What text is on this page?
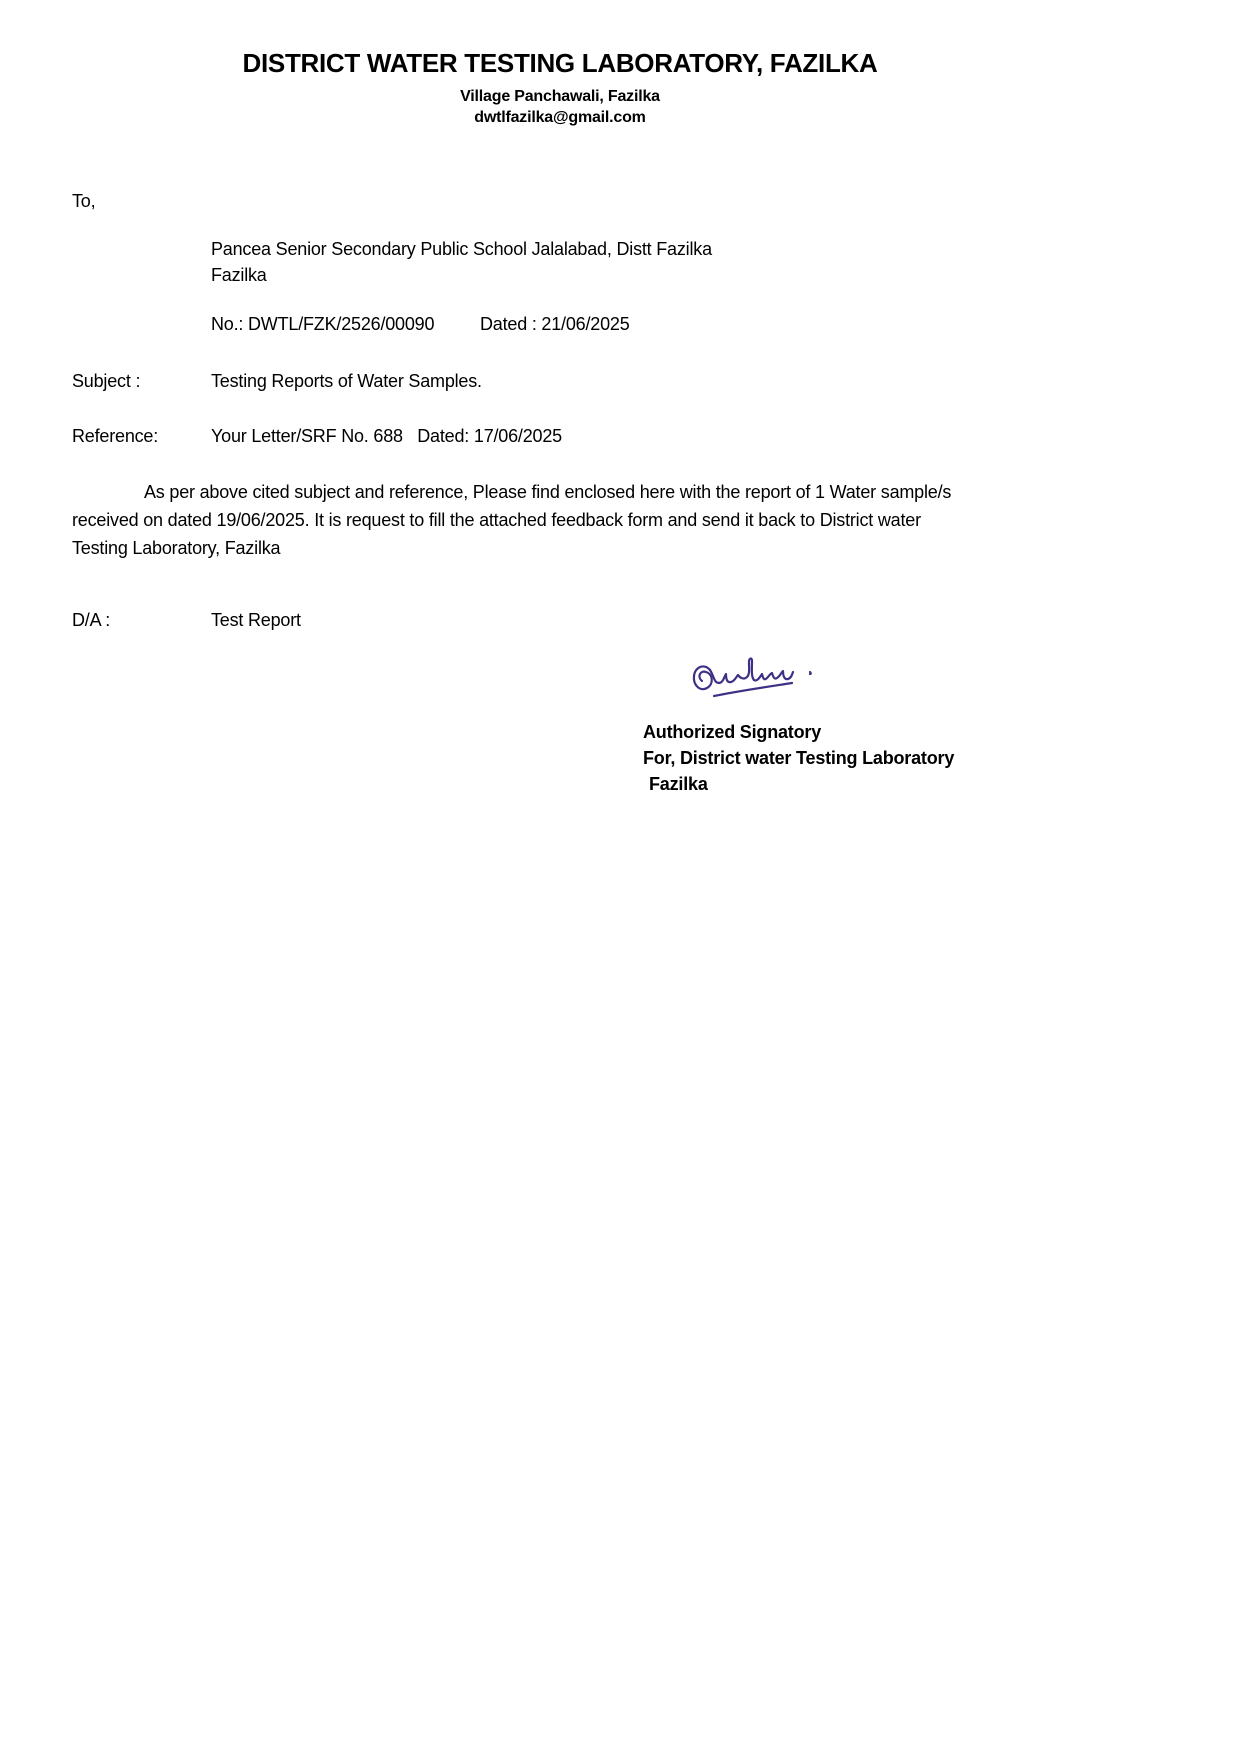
DISTRICT WATER TESTING LABORATORY, FAZILKA
Village Panchawali, Fazilka
dwtlfazilka@gmail.com
To,
Pancea Senior Secondary Public School Jalalabad, Distt Fazilka
Fazilka
No.: DWTL/FZK/2526/00090	Dated : 21/06/2025
Subject :	Testing Reports of Water Samples.
Reference:	Your Letter/SRF No. 688   Dated: 17/06/2025
As per above cited subject and reference, Please find enclosed here with the report of 1 Water sample/s
received on dated 19/06/2025. It is request to fill the attached feedback form and send it back to District water
Testing Laboratory, Fazilka
D/A :	Test Report
Authorized Signatory
For, District water Testing Laboratory
Fazilka
